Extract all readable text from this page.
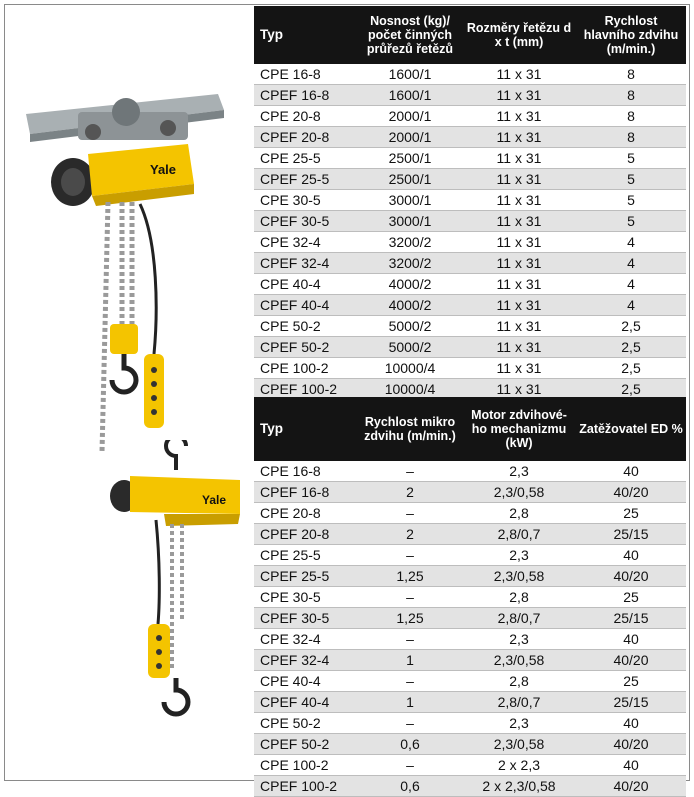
Yale
Yale
Typ	Nosnost (kg)/ počet činných průřezů řetězů	Rozměry řetězu d x t (mm)	Rychlost hlavního zdvihu (m/min.)
CPE 16-8	1600/1	11 x 31	8
CPEF 16-8	1600/1	11 x 31	8
CPE 20-8	2000/1	11 x 31	8
CPEF 20-8	2000/1	11 x 31	8
CPE 25-5	2500/1	11 x 31	5
CPEF 25-5	2500/1	11 x 31	5
CPE 30-5	3000/1	11 x 31	5
CPEF 30-5	3000/1	11 x 31	5
CPE 32-4	3200/2	11 x 31	4
CPEF 32-4	3200/2	11 x 31	4
CPE 40-4	4000/2	11 x 31	4
CPEF 40-4	4000/2	11 x 31	4
CPE 50-2	5000/2	11 x 31	2,5
CPEF 50-2	5000/2	11 x 31	2,5
CPE 100-2	10000/4	11 x 31	2,5
CPEF 100-2	10000/4	11 x 31	2,5
Typ	Rychlost mikro zdvihu (m/min.)	Motor zdvihové-ho mechanizmu (kW)	Zatěžovatel ED %
CPE 16-8	–	2,3	40
CPEF 16-8	2	2,3/0,58	40/20
CPE 20-8	–	2,8	25
CPEF 20-8	2	2,8/0,7	25/15
CPE 25-5	–	2,3	40
CPEF 25-5	1,25	2,3/0,58	40/20
CPE 30-5	–	2,8	25
CPEF 30-5	1,25	2,8/0,7	25/15
CPE 32-4	–	2,3	40
CPEF 32-4	1	2,3/0,58	40/20
CPE 40-4	–	2,8	25
CPEF 40-4	1	2,8/0,7	25/15
CPE 50-2	–	2,3	40
CPEF 50-2	0,6	2,3/0,58	40/20
CPE 100-2	–	2 x 2,3	40
CPEF 100-2	0,6	2 x 2,3/0,58	40/20
